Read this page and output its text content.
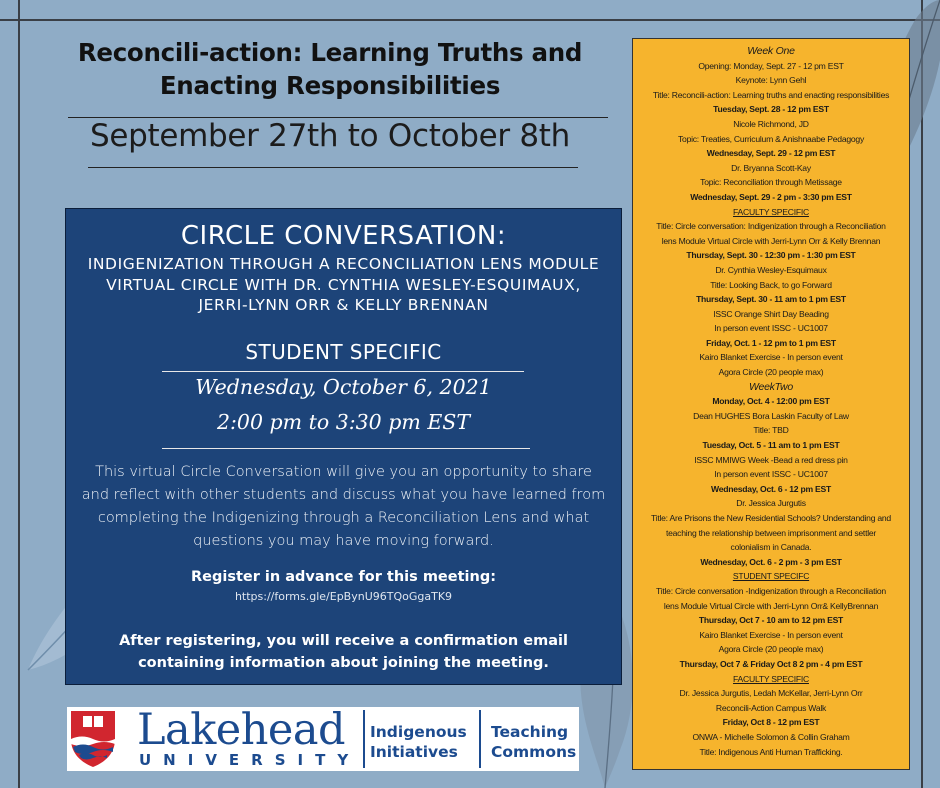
Reconcili-action: Learning Truths and
Enacting Responsibilities
September 27th to October 8th
CIRCLE CONVERSATION:
INDIGENIZATION THROUGH A RECONCILIATION LENS MODULE VIRTUAL CIRCLE WITH DR. CYNTHIA WESLEY-ESQUIMAUX, JERRI-LYNN ORR & KELLY BRENNAN
STUDENT SPECIFIC
Wednesday, October 6, 2021
2:00 pm to 3:30 pm EST
This virtual Circle Conversation will give you an opportunity to share and reflect with other students and discuss what you have learned from completing the Indigenizing through a Reconciliation Lens and what questions you may have moving forward.
Register in advance for this meeting:
https://forms.gle/EpBynU96TQoGgaTK9
After registering, you will receive a confirmation email containing information about joining the meeting.
Lakehead
UNIVERSITY
Indigenous
Initiatives
Teaching
Commons
Week One
Opening: Monday, Sept. 27 - 12 pm EST
Keynote: Lynn Gehl
Title: Reconcili-action: Learning truths and enacting responsibilities
Tuesday, Sept. 28 - 12 pm EST
Nicole Richmond, JD
Topic: Treaties, Curriculum & Anishnaabe Pedagogy
Wednesday, Sept. 29 - 12 pm EST
Dr. Bryanna Scott-Kay
Topic: Reconciliation through Metissage
Wednesday, Sept. 29 - 2 pm - 3:30 pm EST
FACULTY SPECIFIC
Title: Circle conversation: Indigenization through a Reconciliation
lens Module Virtual Circle with Jerri-Lynn Orr & Kelly Brennan
Thursday, Sept. 30 - 12:30 pm - 1:30 pm EST
Dr. Cynthia Wesley-Esquimaux
Title: Looking Back, to go Forward
Thursday, Sept. 30 - 11 am to 1 pm EST
ISSC Orange Shirt Day Beading
In person event ISSC - UC1007
Friday, Oct. 1 - 12 pm to 1 pm EST
Kairo Blanket Exercise - In person event
Agora Circle (20 people max)
WeekTwo
Monday, Oct. 4 - 12:00 pm EST
Dean HUGHES Bora Laskin Faculty of Law
Title: TBD
Tuesday, Oct. 5 - 11 am to 1 pm EST
ISSC MMIWG Week -Bead a red dress pin
In person event ISSC - UC1007
Wednesday, Oct. 6 - 12 pm EST
Dr. Jessica Jurgutis
Title: Are Prisons the New Residential Schools? Understanding and
teaching the relationship between imprisonment and settler
colonialism in Canada.
Wednesday, Oct. 6 - 2 pm - 3 pm EST
STUDENT SPECIFC
Title: Circle conversation -Indigenization through a Reconciliation
lens Module Virtual Circle with Jerri-Lynn Orr& KellyBrennan
Thursday, Oct 7 - 10 am to 12 pm EST
Kairo Blanket Exercise - In person event
Agora Circle (20 people max)
Thursday, Oct 7 & Friday Oct 8 2 pm - 4 pm EST
FACULTY SPECIFIC
Dr. Jessica Jurgutis, Ledah McKellar, Jerri-Lynn Orr
Reconcili-Action Campus Walk
Friday, Oct 8 - 12 pm EST
ONWA - Michelle Solomon & Collin Graham
Title: Indigenous Anti Human Trafficking.
